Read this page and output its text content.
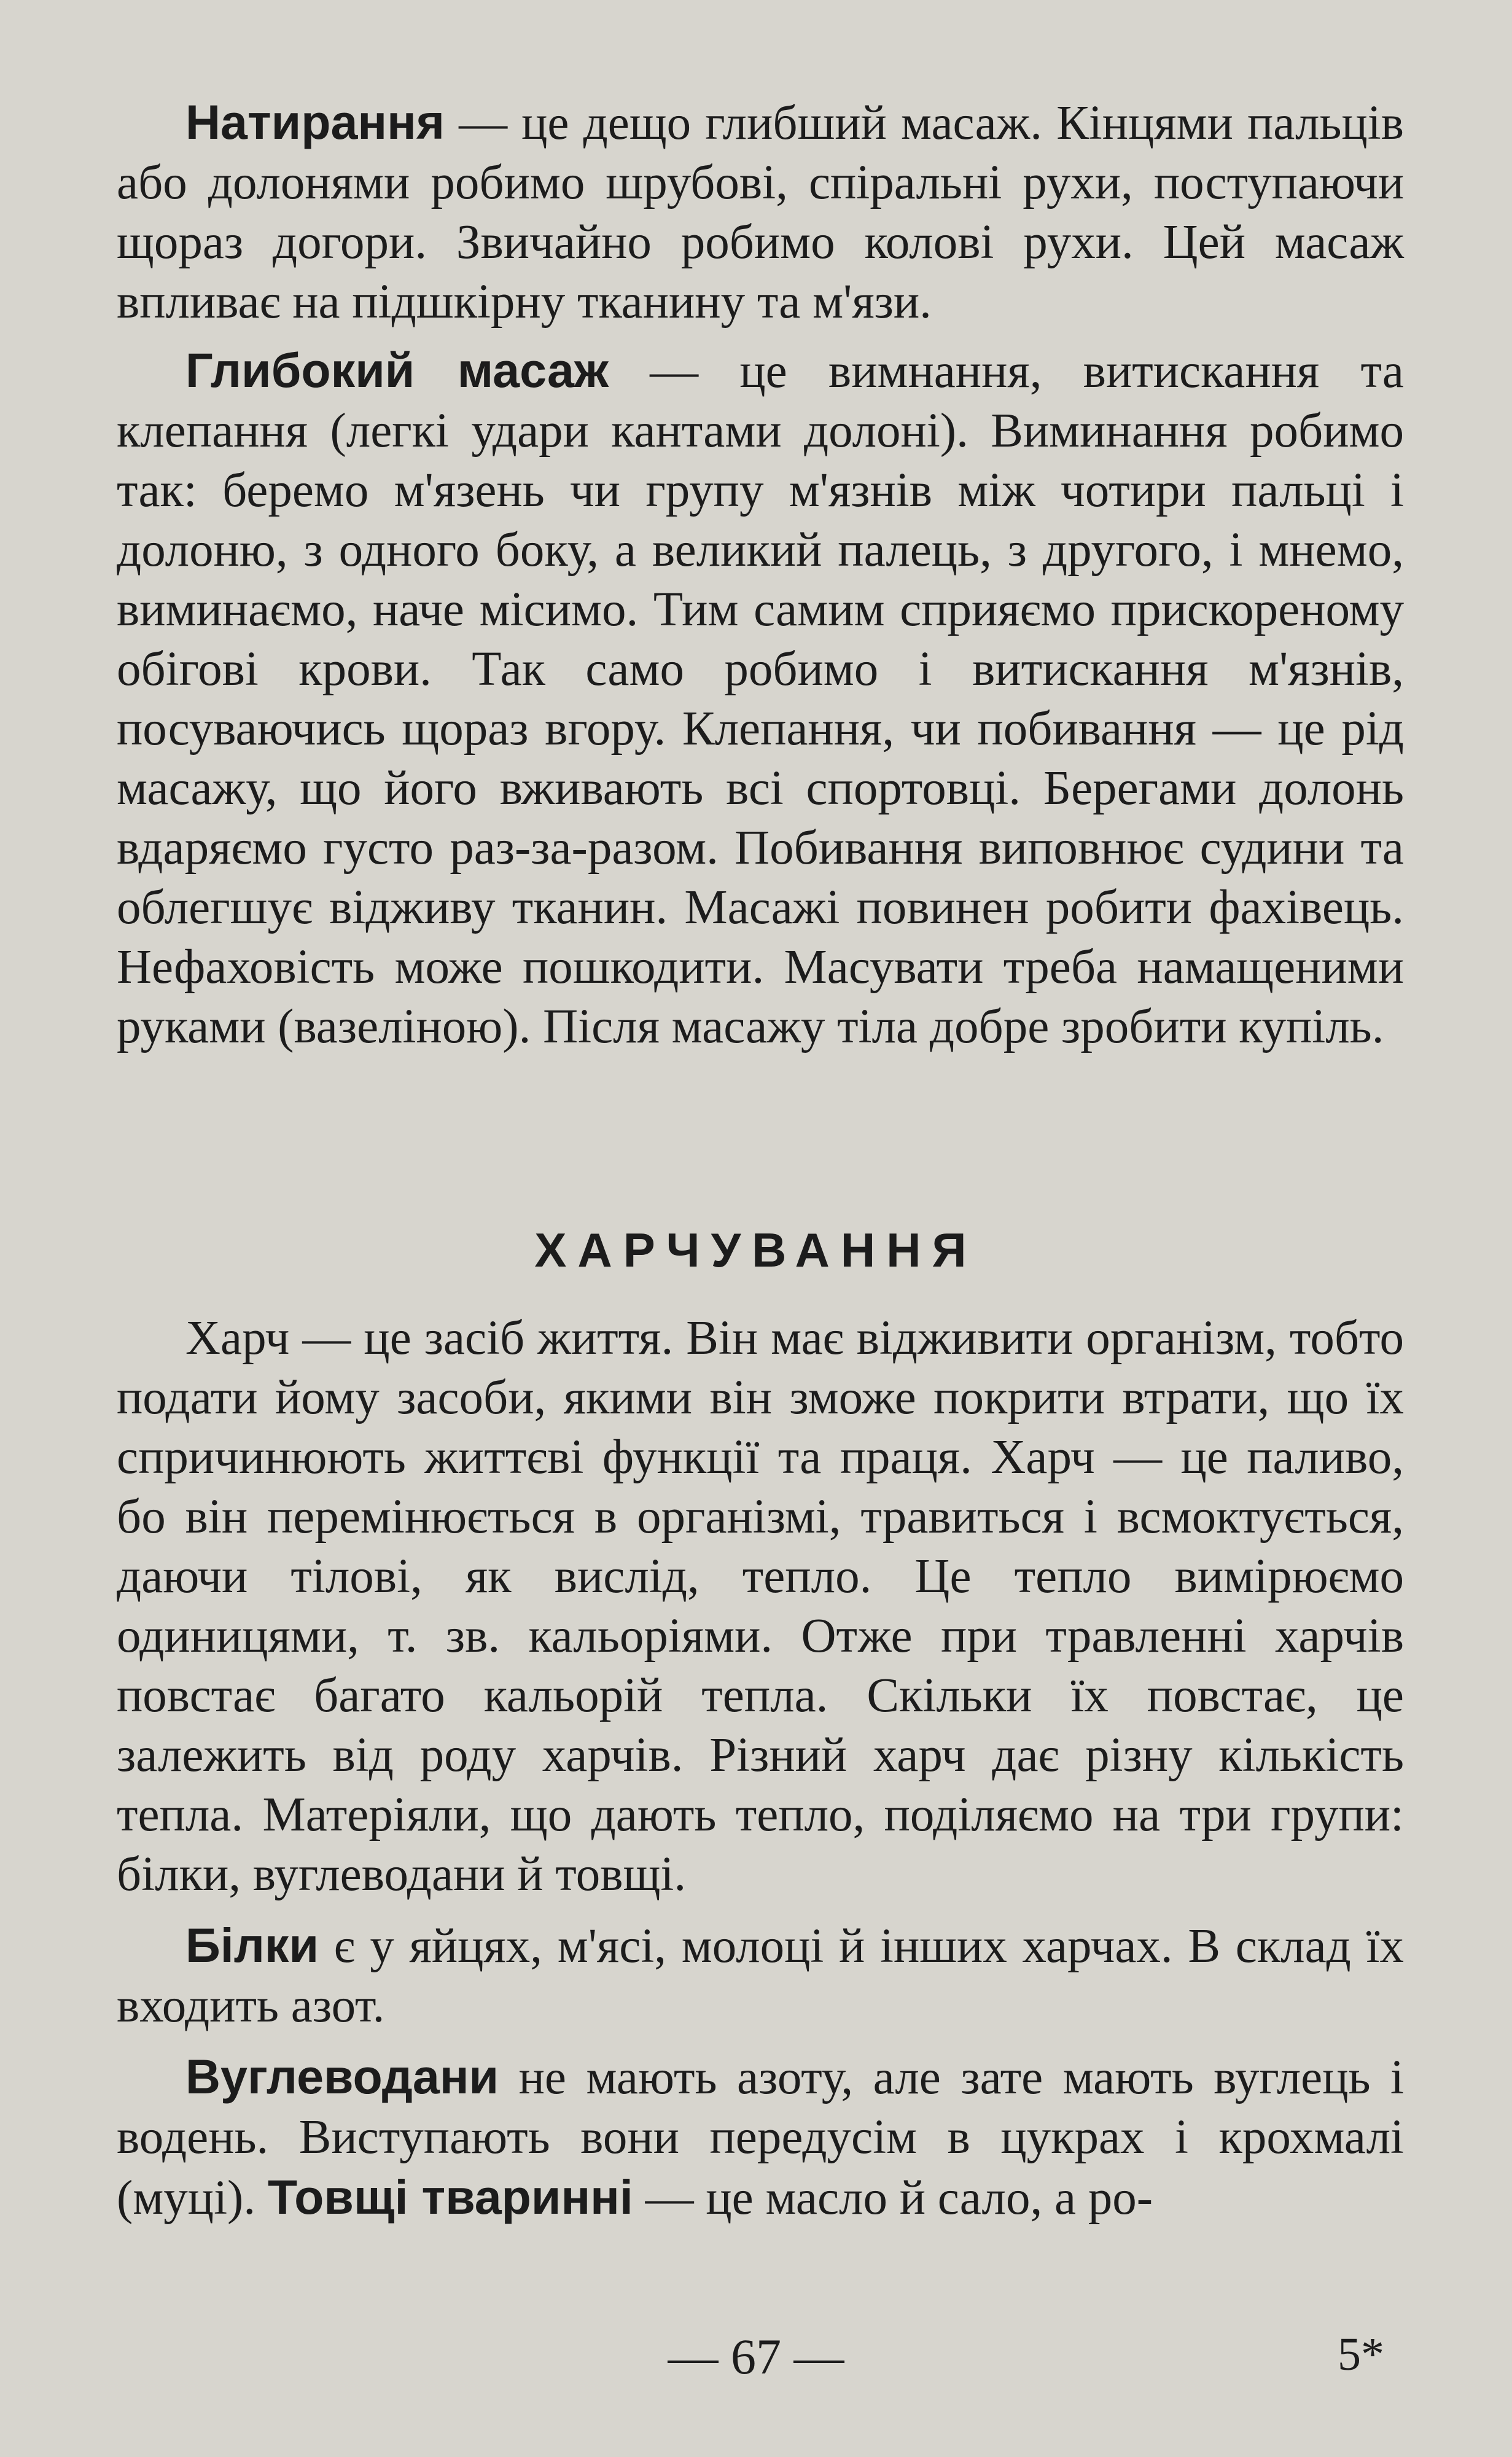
Натирання — це дещо глибший масаж. Кінцями пальців або долонями робимо шрубові, спіральні рухи, поступаючи щораз догори. Звичайно робимо колові рухи. Цей масаж впливає на підшкірну тканину та м'язи.

Глибокий масаж — це вимнання, витискання та клепання (легкі удари кантами долоні). Виминання робимо так: беремо м'язень чи групу м'язнів між чотири пальці і долоню, з одного боку, а великий палець, з другого, і мнемо, виминаємо, наче місимо. Тим самим сприяємо прискореному обігові крови. Так само робимо і витискання м'язнів, посуваючись щораз вгору. Клепання, чи побивання — це рід масажу, що його вживають всі спортовці. Берегами долонь вдаряємо густо раз-за-разом. Побивання виповнює судини та облегшує відживу тканин. Масажі повинен робити фахівець. Нефаховість може пошкодити. Масувати треба намащеними руками (вазеліною). Після масажу тіла добре зробити купіль.

ХАРЧУВАННЯ

Харч — це засіб життя. Він має відживити організм, тобто подати йому засоби, якими він зможе покрити втрати, що їх спричинюють життєві функції та праця. Харч — це паливо, бо він перемінюється в організмі, травиться і всмоктується, даючи тілові, як вислід, тепло. Це тепло вимірюємо одиницями, т. зв. кальоріями. Отже при травленні харчів повстає багато кальорій тепла. Скільки їх повстає, це залежить від роду харчів. Різний харч дає різну кількість тепла. Матеріяли, що дають тепло, поділяємо на три групи: білки, вуглеводани й товщі.

Білки є у яйцях, м'ясі, молоці й інших харчах. В склад їх входить азот.

Вуглеводани не мають азоту, але зате мають вуглець і водень. Виступають вони передусім в цукрах і крохмалі (муці). Товщі тваринні — це масло й сало, а ро-

— 67 —	5*
